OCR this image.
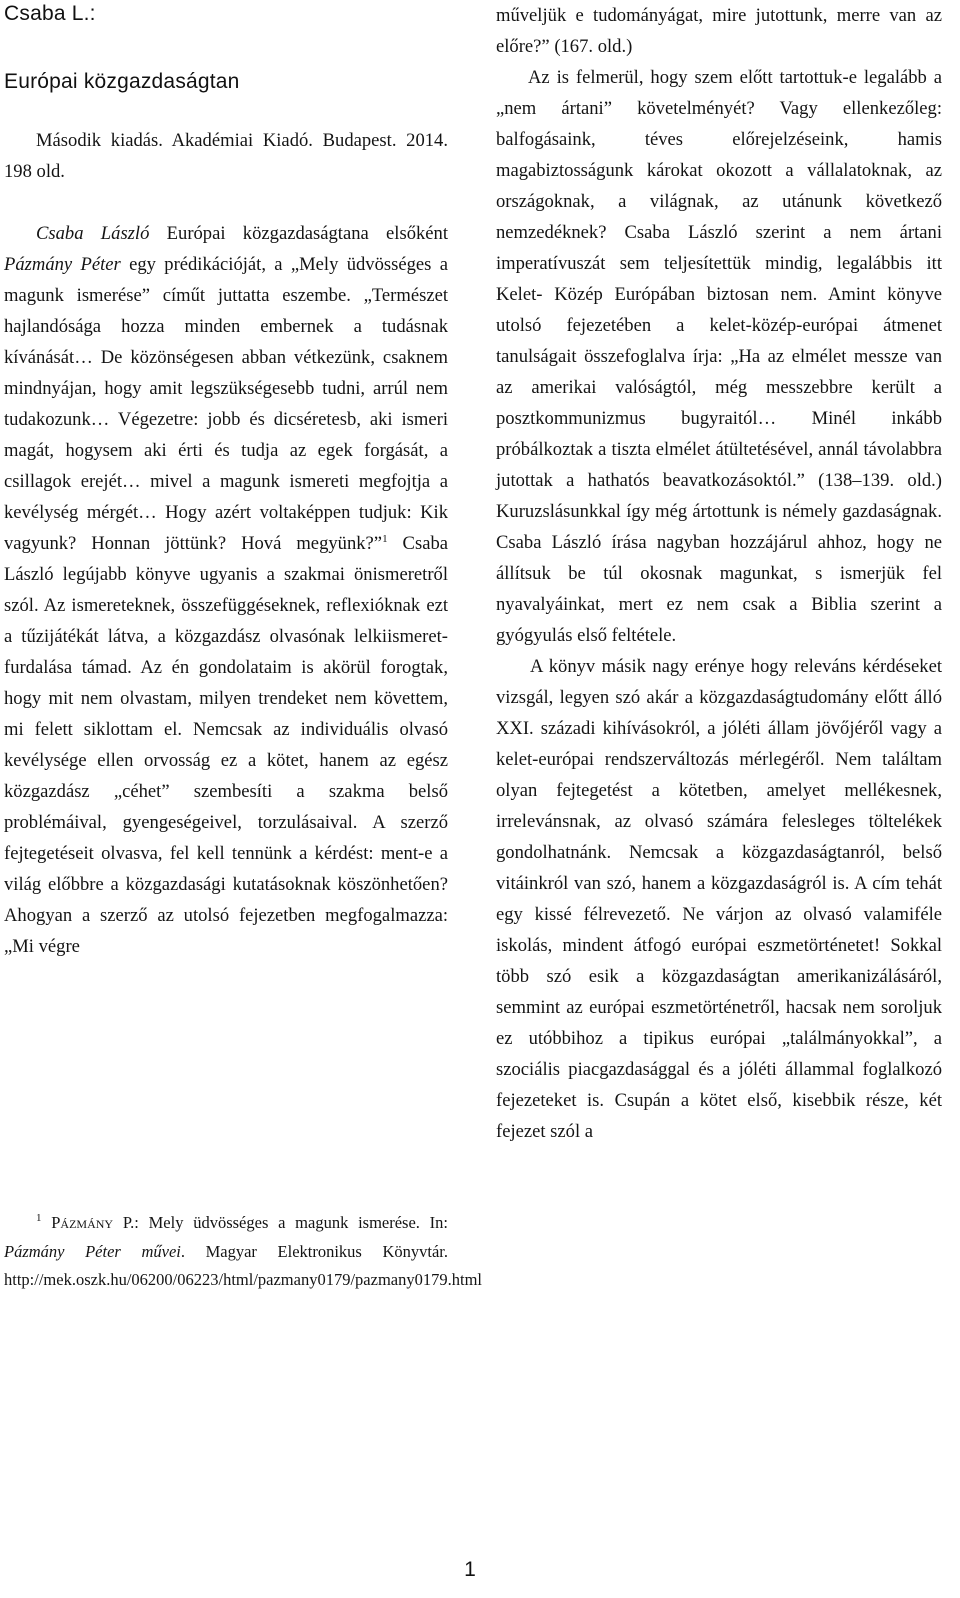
Csaba L.:
Európai közgazdaságtan

Második kiadás. Akadémiai Kiadó. Budapest. 2014. 198 old.

Csaba László Európai közgazdaságtana elsőként Pázmány Péter egy prédikációját, a „Mely üdvösséges a magunk ismerése” címűt juttatta eszembe. „Természet hajlandósága hozza minden embernek a tudásnak kívánását… De közönségesen abban vétkezünk, csaknem mindnyájan, hogy amit legszükségesebb tudni, arrúl nem tudakozunk… Végezetre: jobb és dicséretesb, aki ismeri magát, hogysem aki érti és tudja az egek forgását, a csillagok erejét… mivel a magunk ismereti megfojtja a kevélység mérgét… Hogy azért voltaképpen tudjuk: Kik vagyunk? Honnan jöttünk? Hová megyünk?”$^1$ Csaba László legújabb könyve ugyanis a szakmai önismeretről szól. Az ismereteknek, összefüggéseknek, reflexióknak ezt a tűzijátékát látva, a közgazdász olvasónak lelkiismeret-furdalása támad. Az én gondolataim is akörül forogtak, hogy mit nem olvastam, milyen trendeket nem követtem, mi felett siklottam el. Nemcsak az individuális olvasó kevélysége ellen orvosság ez a kötet, hanem az egész közgazdász „céhet” szembesíti a szakma belső problémáival, gyengeségeivel, torzulásaival. A szerző fejtegetéseit olvasva, fel kell tennünk a kérdést: ment-e a világ előbbre a közgazdasági kutatásoknak köszönhetően? Ahogyan a szerző az utolsó fejezetben megfogalmazza: „Mi végre

$^1$ Pázmány P.: Mely üdvösséges a magunk ismerése. In: Pázmány Péter művei. Magyar Elektronikus Könyvtár. http://mek.oszk.hu/06200/06223/html/pazmany0179/pazmany0179.html

műveljük e tudományágat, mire jutottunk, merre van az előre?” (167. old.)

Az is felmerül, hogy szem előtt tartottuk-e legalább a „nem ártani” követelményét? Vagy ellenkezőleg: balfogásaink, téves előrejelzéseink, hamis magabiztosságunk károkat okozott a vállalatoknak, az országoknak, a világnak, az utánunk következő nemzedéknek? Csaba László szerint a nem ártani imperatívuszát sem teljesítettük mindig, legalábbis itt Kelet- Közép Európában biztosan nem. Amint könyve utolsó fejezetében a kelet-közép-európai átmenet tanulságait összefoglalva írja: „Ha az elmélet messze van az amerikai valóságtól, még messzebbre került a posztkommunizmus bugyraitól… Minél inkább próbálkoztak a tiszta elmélet átültetésével, annál távolabbra jutottak a hathatós beavatkozásoktól.” (138–139. old.) Kuruzslásunkkal így még ártottunk is némely gazdaságnak. Csaba László írása nagyban hozzájárul ahhoz, hogy ne állítsuk be túl okosnak magunkat, s ismerjük fel nyavalyáinkat, mert ez nem csak a Biblia szerint a gyógyulás első feltétele.

A könyv másik nagy erénye hogy releváns kérdéseket vizsgál, legyen szó akár a közgazdaságtudomány előtt álló XXI. századi kihívásokról, a jóléti állam jövőjéről vagy a kelet-európai rendszerváltozás mérlegéről. Nem találtam olyan fejtegetést a kötetben, amelyet mellékesnek, irrelevánsnak, az olvasó számára felesleges töltelékek gondolhatnánk. Nemcsak a közgazdaságtanról, belső vitáinkról van szó, hanem a közgazdaságról is. A cím tehát egy kissé félrevezető. Ne várjon az olvasó valamiféle iskolás, mindent átfogó európai eszmetörténetet! Sokkal több szó esik a közgazdaságtan amerikanizálásáról, semmint az európai eszmetörténetről, hacsak nem soroljuk ez utóbbihoz a tipikus európai „találmányokkal”, a szociális piacgazdasággal és a jóléti állammal foglalkozó fejezeteket is. Csupán a kötet első, kisebbik része, két fejezet szól a

1
